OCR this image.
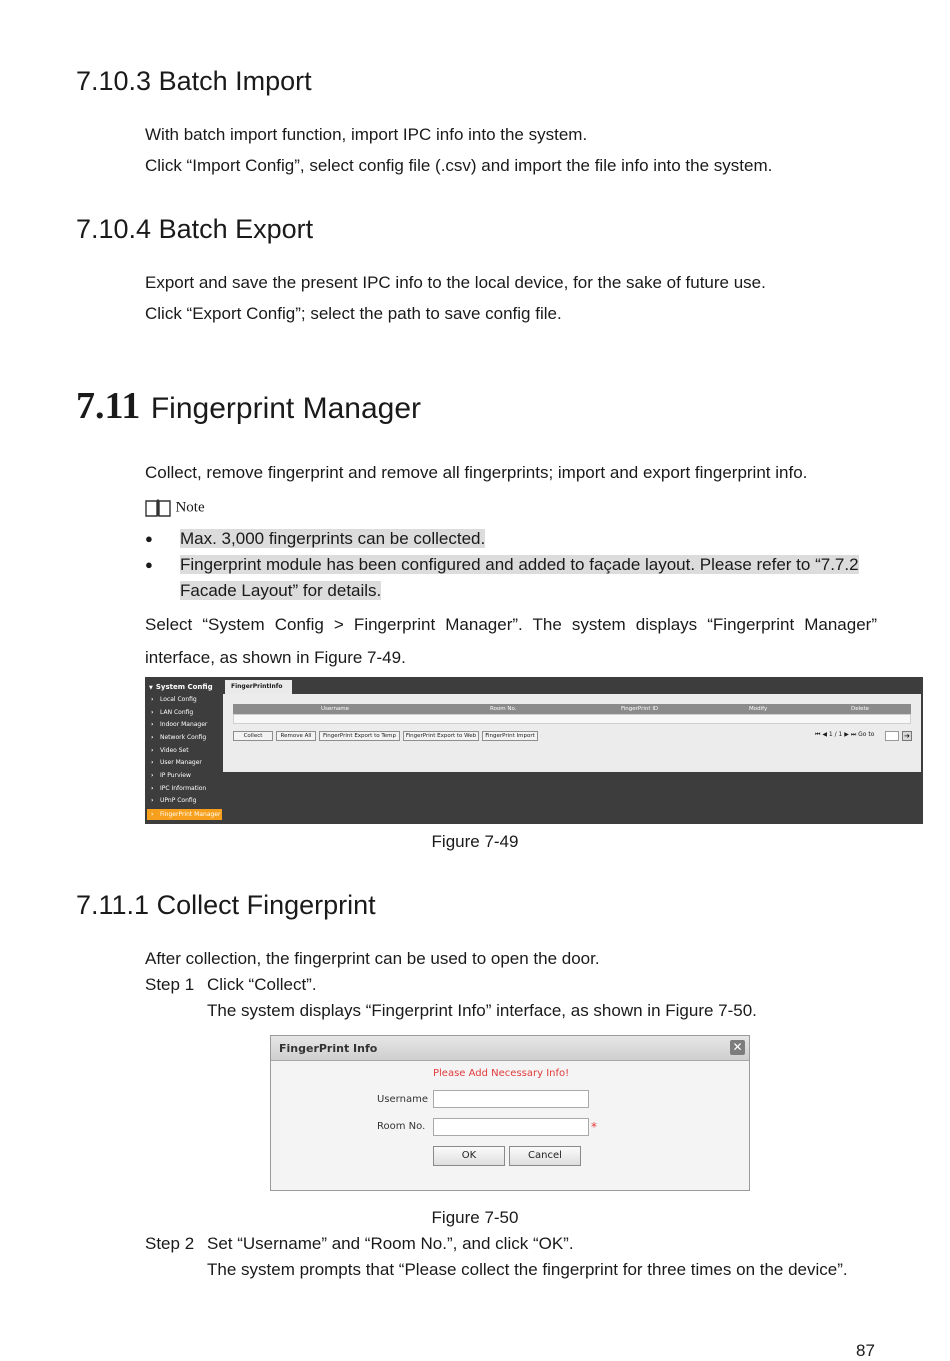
7.10.3 Batch Import
With batch import function, import IPC info into the system.
Click “Import Config”, select config file (.csv) and import the file info into the system.
7.10.4 Batch Export
Export and save the present IPC info to the local device, for the sake of future use.
Click “Export Config”; select the path to save config file.
7.11 Fingerprint Manager
Collect, remove fingerprint and remove all fingerprints; import and export fingerprint info.
Note
● Max. 3,000 fingerprints can be collected.
● Fingerprint module has been configured and added to façade layout. Please refer to “7.7.2
Facade Layout” for details.
Select “System Config > Fingerprint Manager”. The system displays “Fingerprint Manager”
interface, as shown in Figure 7-49.
▼ System Config
› Local Config
› LAN Config
› Indoor Manager
› Network Config
› Video Set
› User Manager
› IP Purview
› IPC Information
› UPnP Config
› FingerPrint Manager
FingerPrintInfo
Username	Room No.	FingerPrint ID	Modify	Delete
Collect	Remove All	FingerPrint Export to Temp	FingerPrint Export to Web	FingerPrint Import	⏮ ◀ 1 / 1 ▶ ⏭ Go to	➔
Figure 7-49
7.11.1 Collect Fingerprint
After collection, the fingerprint can be used to open the door.
Step 1 Click “Collect”.
The system displays “Fingerprint Info” interface, as shown in Figure 7-50.
FingerPrint Info	✕
Please Add Necessary Info!
Username
Room No.	*
OK	Cancel
Figure 7-50
Step 2 Set “Username” and “Room No.”, and click “OK”.
The system prompts that “Please collect the fingerprint for three times on the device”.
87
